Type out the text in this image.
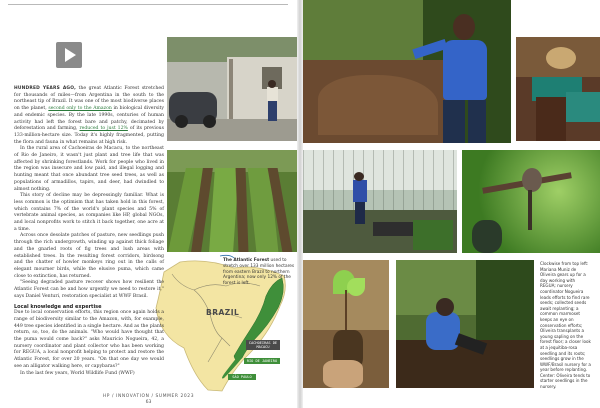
BRAZIL
CACHOEIRAS DE MACACU
RIO DE JANEIRO
SÃO PAULO
The Atlantic Forest used to stretch over 133 million hectares from eastern Brazil to northern Argentina; now only 12% of the forest is left.

HUNDRED YEARS AGO, the great Atlantic Forest stretched for thousands of miles—from Argentina in the south to the northeast tip of Brazil. It was one of the most biodiverse places on the planet, second only to the Amazon in biological diversity and endemic species. By the late 1990s, centuries of human activity had left the forest bare and patchy, decimated by deforestation and farming, reduced to just 12% of its previous 133-million-hectare size. Today it's highly fragmented, putting the flora and fauna in what remains at high risk.

In the rural area of Cachoeiras de Macacu, to the northeast of Rio de Janeiro, it wasn't just plant and tree life that was affected by shrinking forestlands. Work for people who lived in the region was insecure and low paid, and illegal logging and hunting meant that once abundant tree seed trees, as well as populations of armadillos, tapirs, and deer, had dwindled to almost nothing.

This story of decline may be depressingly familiar. What is less common is the optimism that has taken hold in this forest, which contains 7% of the world's plant species and 5% of vertebrate animal species, as companies like HP, global NGOs, and local nonprofits work to stitch it back together, one acre at a time.

Across once desolate patches of pasture, new seedlings push through the rich undergrowth, winding up against thick foliage and the gnarled roots of fig trees and lush areas with established trees. In the resulting forest corridors, birdsong and the chatter of howler monkeys ring out in the calls of elegant mourner birds, while the elusive puma, which came close to extinction, has returned.

"Seeing degraded pasture recover shows how resilient the Atlantic Forest can be and how urgently we need to restore it," says Daniel Venturi, restoration specialist at WWF Brasil.

Local knowledge and expertise

Due to local conservation efforts, this region once again holds a range of biodiversity similar to the Amazon, with, for example, 449 tree species identified in a single hectare. And as the plants return, so, too, do the animals. "Who would have thought that the puma would come back?" asks Mauricio Nogueira, 42, a nursery coordinator and plant collector who has been working for REGUA, a local nonprofit helping to protect and restore the Atlantic Forest, for over 20 years. "On that one day we would see an alligator walking here, or capybaras?"

In the last few years, World Wildlife Fund (WWF)

HP / INNOVATION / SUMMER 2023
63
Clockwise from top left: Mariana Muniz de Oliveira gears up for a day working with REGUA; nursery coordinator Nogueira leads efforts to find rare seeds; collected seeds await replanting; a common marmoset keeps an eye on conservation efforts; Oliveira transplants a young sapling on the forest floor; a closer look at a jequitiba-rosa seedling and its roots; seedlings grow in the WWF/Brasil nursery for a year before replanting. Center: Oliveira tends to starter seedlings in the nursery.
